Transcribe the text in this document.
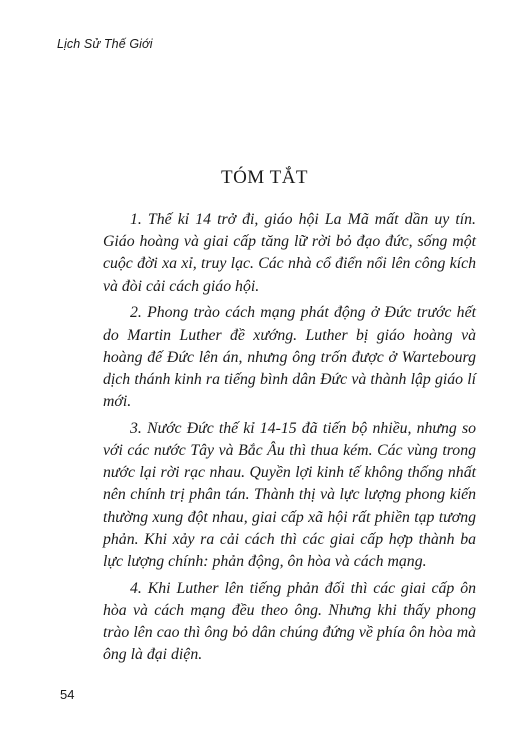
Lịch Sử Thế Giới
TÓM TẮT
1. Thế kỉ 14 trở đi, giáo hội La Mã mất dần uy tín. Giáo hoàng và giai cấp tăng lữ rời bỏ đạo đức, sống một cuộc đời xa xỉ, truy lạc. Các nhà cổ điển nổi lên công kích và đòi cải cách giáo hội.
2. Phong trào cách mạng phát động ở Đức trước hết do Martin Luther đề xướng. Luther bị giáo hoàng và hoàng đế Đức lên án, nhưng ông trốn được ở Wartebourg dịch thánh kinh ra tiếng bình dân Đức và thành lập giáo lí mới.
3. Nước Đức thế kỉ 14-15 đã tiến bộ nhiều, nhưng so với các nước Tây và Bắc Âu thì thua kém. Các vùng trong nước lại rời rạc nhau. Quyền lợi kinh tế không thống nhất nên chính trị phân tán. Thành thị và lực lượng phong kiến thường xung đột nhau, giai cấp xã hội rất phiền tạp tương phản. Khi xảy ra cải cách thì các giai cấp hợp thành ba lực lượng chính: phản động, ôn hòa và cách mạng.
4. Khi Luther lên tiếng phản đối thì các giai cấp ôn hòa và cách mạng đều theo ông. Nhưng khi thấy phong trào lên cao thì ông bỏ dân chúng đứng về phía ôn hòa mà ông là đại diện.
54
